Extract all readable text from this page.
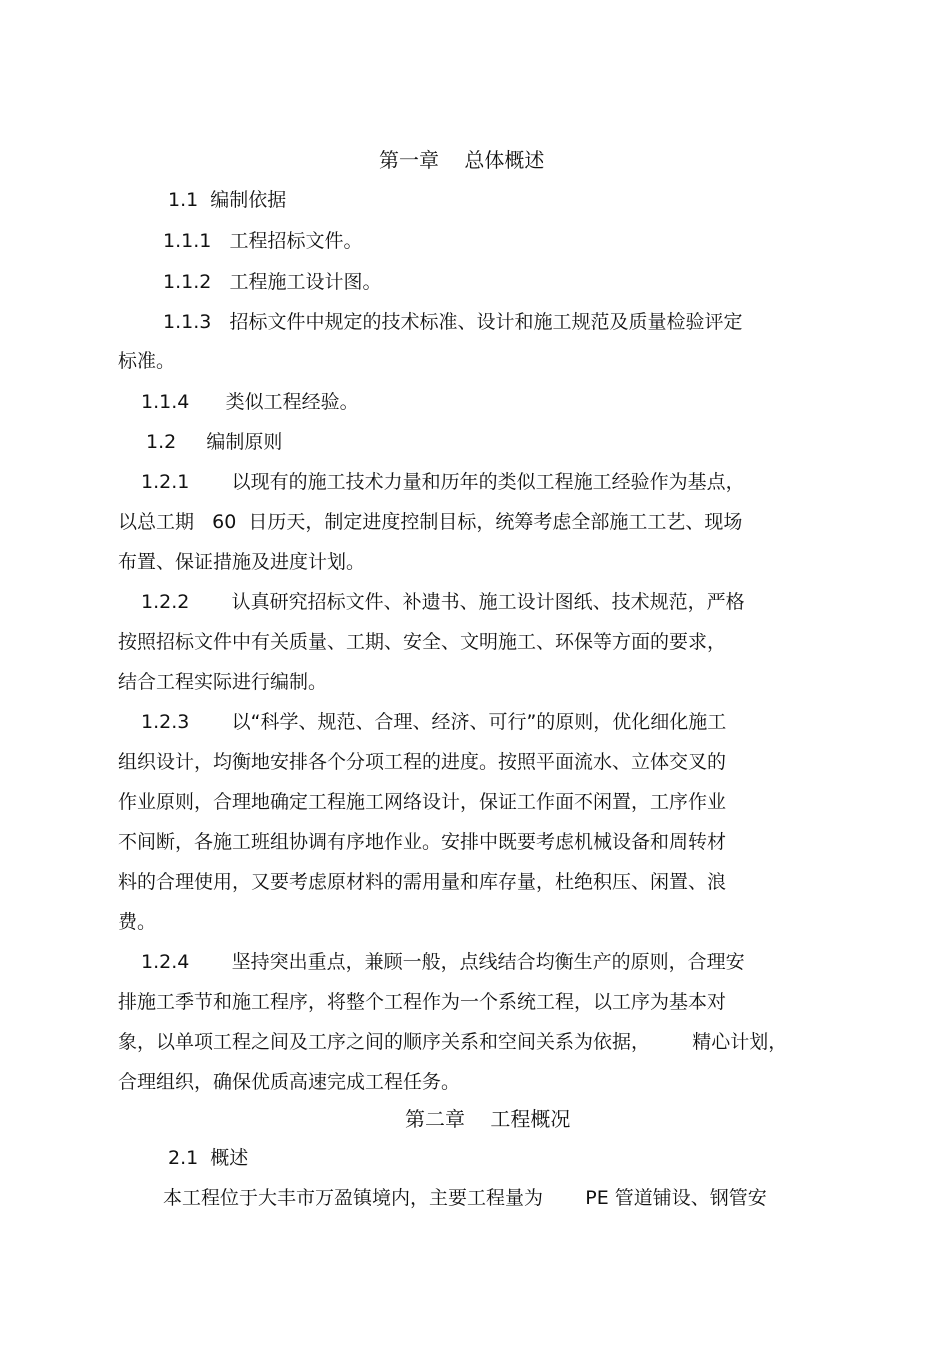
第一章    总体概述
1.1  编制依据
1.1.1   工程招标文件。
1.1.2   工程施工设计图。
1.1.3   招标文件中规定的技术标准、设计和施工规范及质量检验评定
标准。
1.1.4      类似工程经验。
1.2     编制原则
1.2.1       以现有的施工技术力量和历年的类似工程施工经验作为基点，
以总工期   60  日历天，制定进度控制目标，统筹考虑全部施工工艺、现场
布置、保证措施及进度计划。
1.2.2       认真研究招标文件、补遗书、施工设计图纸、技术规范，严格
按照招标文件中有关质量、工期、安全、文明施工、环保等方面的要求，
结合工程实际进行编制。
1.2.3       以“科学、规范、合理、经济、可行”的原则，优化细化施工
组织设计，均衡地安排各个分项工程的进度。按照平面流水、立体交叉的
作业原则，合理地确定工程施工网络设计，保证工作面不闲置，工序作业
不间断，各施工班组协调有序地作业。安排中既要考虑机械设备和周转材
料的合理使用，又要考虑原材料的需用量和库存量，杜绝积压、闲置、浪
费。
1.2.4       坚持突出重点，兼顾一般，点线结合均衡生产的原则，合理安
排施工季节和施工程序，将整个工程作为一个系统工程，以工序为基本对
象，以单项工程之间及工序之间的顺序关系和空间关系为依据，       精心计划，
合理组织，确保优质高速完成工程任务。
第二章    工程概况
2.1  概述
本工程位于大丰市万盈镇境内，主要工程量为       PE 管道铺设、钢管安
